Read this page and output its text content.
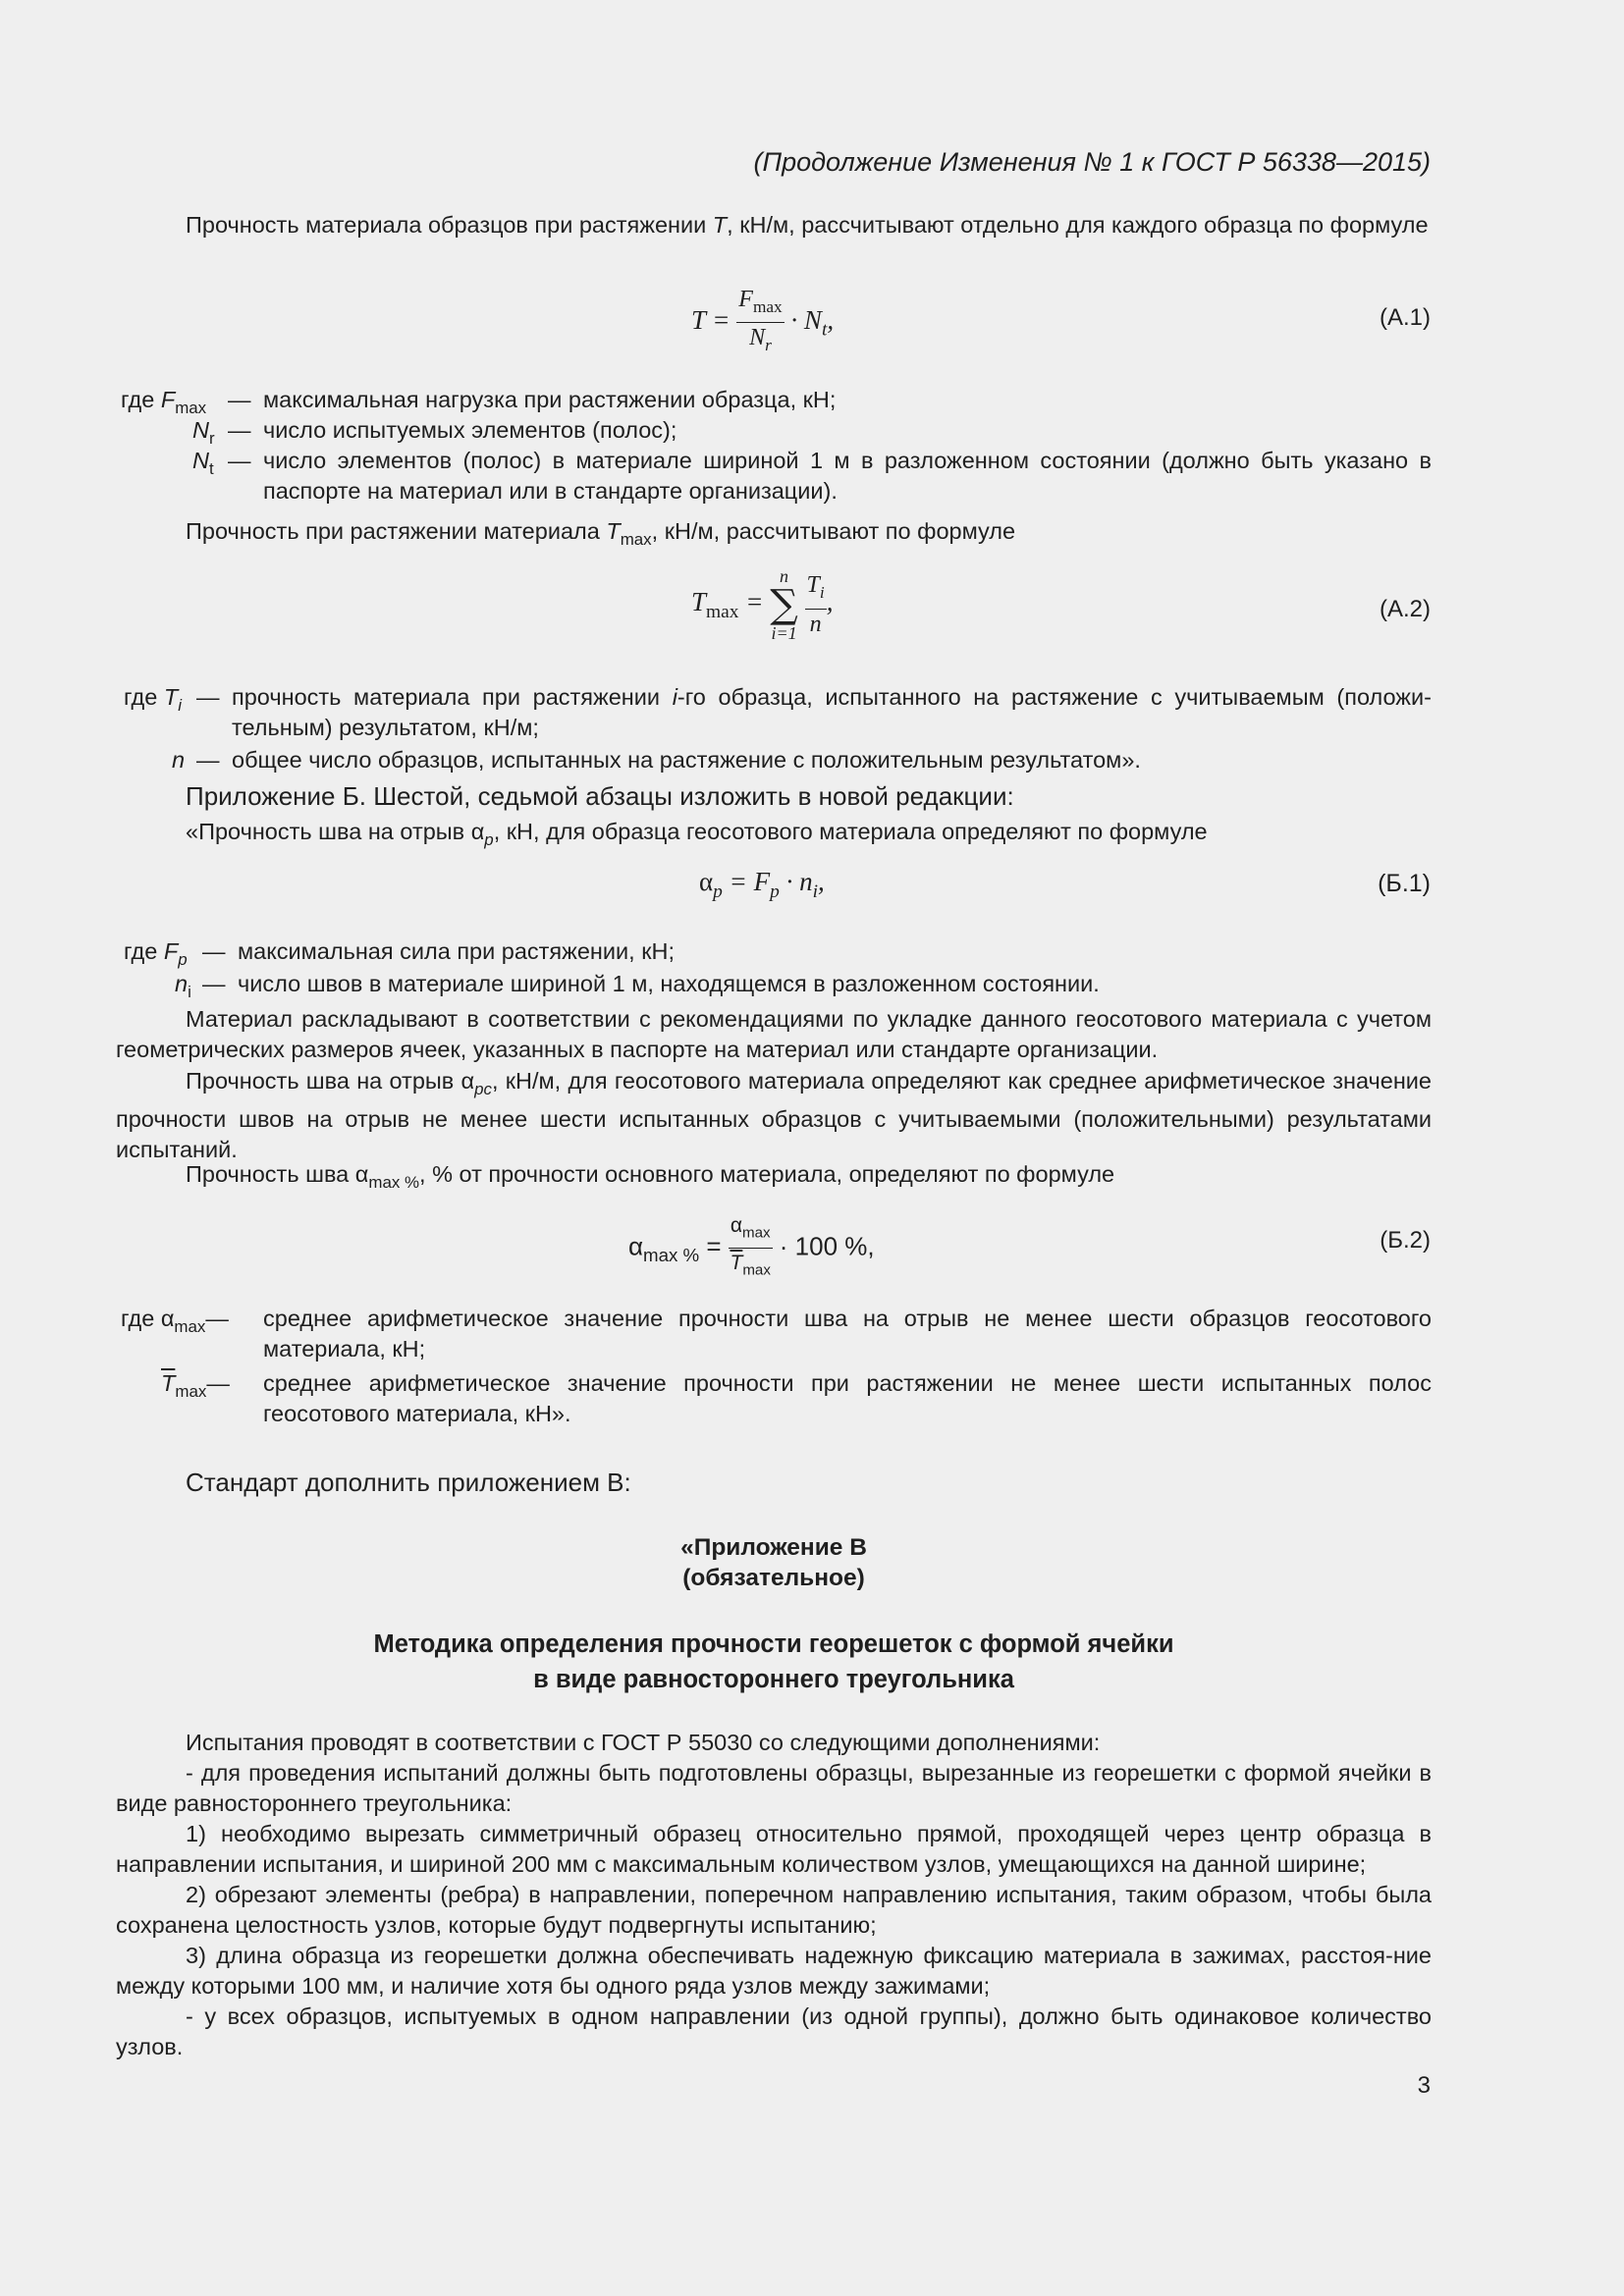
(Продолжение Изменения № 1 к ГОСТ Р 56338—2015)
Прочность материала образцов при растяжении T, кН/м, рассчитывают отдельно для каждого образца по формуле
$T = \frac{F_{max}}{N_r} \cdot N_t$,	(А.1)
где $F_{max}$ — максимальная нагрузка при растяжении образца, кН;
$N_r$ — число испытуемых элементов (полос);
$N_t$ — число элементов (полос) в материале шириной 1 м в разложенном состоянии (должно быть указано в паспорте на материал или в стандарте организации).
Прочность при растяжении материала $T_{max}$, кН/м, рассчитывают по формуле
$T_{max}$ =
n
∑
i=1
$\frac{T_i}{n}$ ,	(А.2)
где $T_i$ — прочность материала при растяжении i-го образца, испытанного на растяжение с учитываемым (положи-тельным) результатом, кН/м;
n — общее число образцов, испытанных на растяжение с положительным результатом».
Приложение Б. Шестой, седьмой абзацы изложить в новой редакции:
«Прочность шва на отрыв $\alpha_p$, кН, для образца геосотового материала определяют по формуле
$\alpha_p = F_p \cdot n_i$,	(Б.1)
где $F_p$ — максимальная сила при растяжении, кН;
$n_i$ — число швов в материале шириной 1 м, находящемся в разложенном состоянии.
Материал раскладывают в соответствии с рекомендациями по укладке данного геосотового материала с учетом геометрических размеров ячеек, указанных в паспорте на материал или стандарте организации.
Прочность шва на отрыв $\alpha_{pc}$, кН/м, для геосотового материала определяют как среднее арифметическое значение прочности швов на отрыв не менее шести испытанных образцов с учитываемыми (положительными) результатами испытаний.
Прочность шва $\alpha_{max \%}$, % от прочности основного материала, определяют по формуле
$\alpha_{max \%} = \frac{\alpha_{max}}{\overline{T}_{max}} \cdot 100$ %,	(Б.2)
где $\alpha_{max}—$ среднее арифметическое значение прочности шва на отрыв не менее шести образцов геосотового материала, кН;
$\overline{T}_{max}—$ среднее арифметическое значение прочности при растяжении не менее шести испытанных полос геосотового материала, кН».
Стандарт дополнить приложением В:
«Приложение В
(обязательное)
Методика определения прочности георешеток с формой ячейки
в виде равностороннего треугольника
Испытания проводят в соответствии с ГОСТ Р 55030 со следующими дополнениями:
- для проведения испытаний должны быть подготовлены образцы, вырезанные из георешетки с формой ячейки в виде равностороннего треугольника:
1) необходимо вырезать симметричный образец относительно прямой, проходящей через центр образца в направлении испытания, и шириной 200 мм с максимальным количеством узлов, умещающихся на данной ширине;
2) обрезают элементы (ребра) в направлении, поперечном направлению испытания, таким образом, чтобы была сохранена целостность узлов, которые будут подвергнуты испытанию;
3) длина образца из георешетки должна обеспечивать надежную фиксацию материала в зажимах, расстоя-ние между которыми 100 мм, и наличие хотя бы одного ряда узлов между зажимами;
- у всех образцов, испытуемых в одном направлении (из одной группы), должно быть одинаковое количество узлов.
3
